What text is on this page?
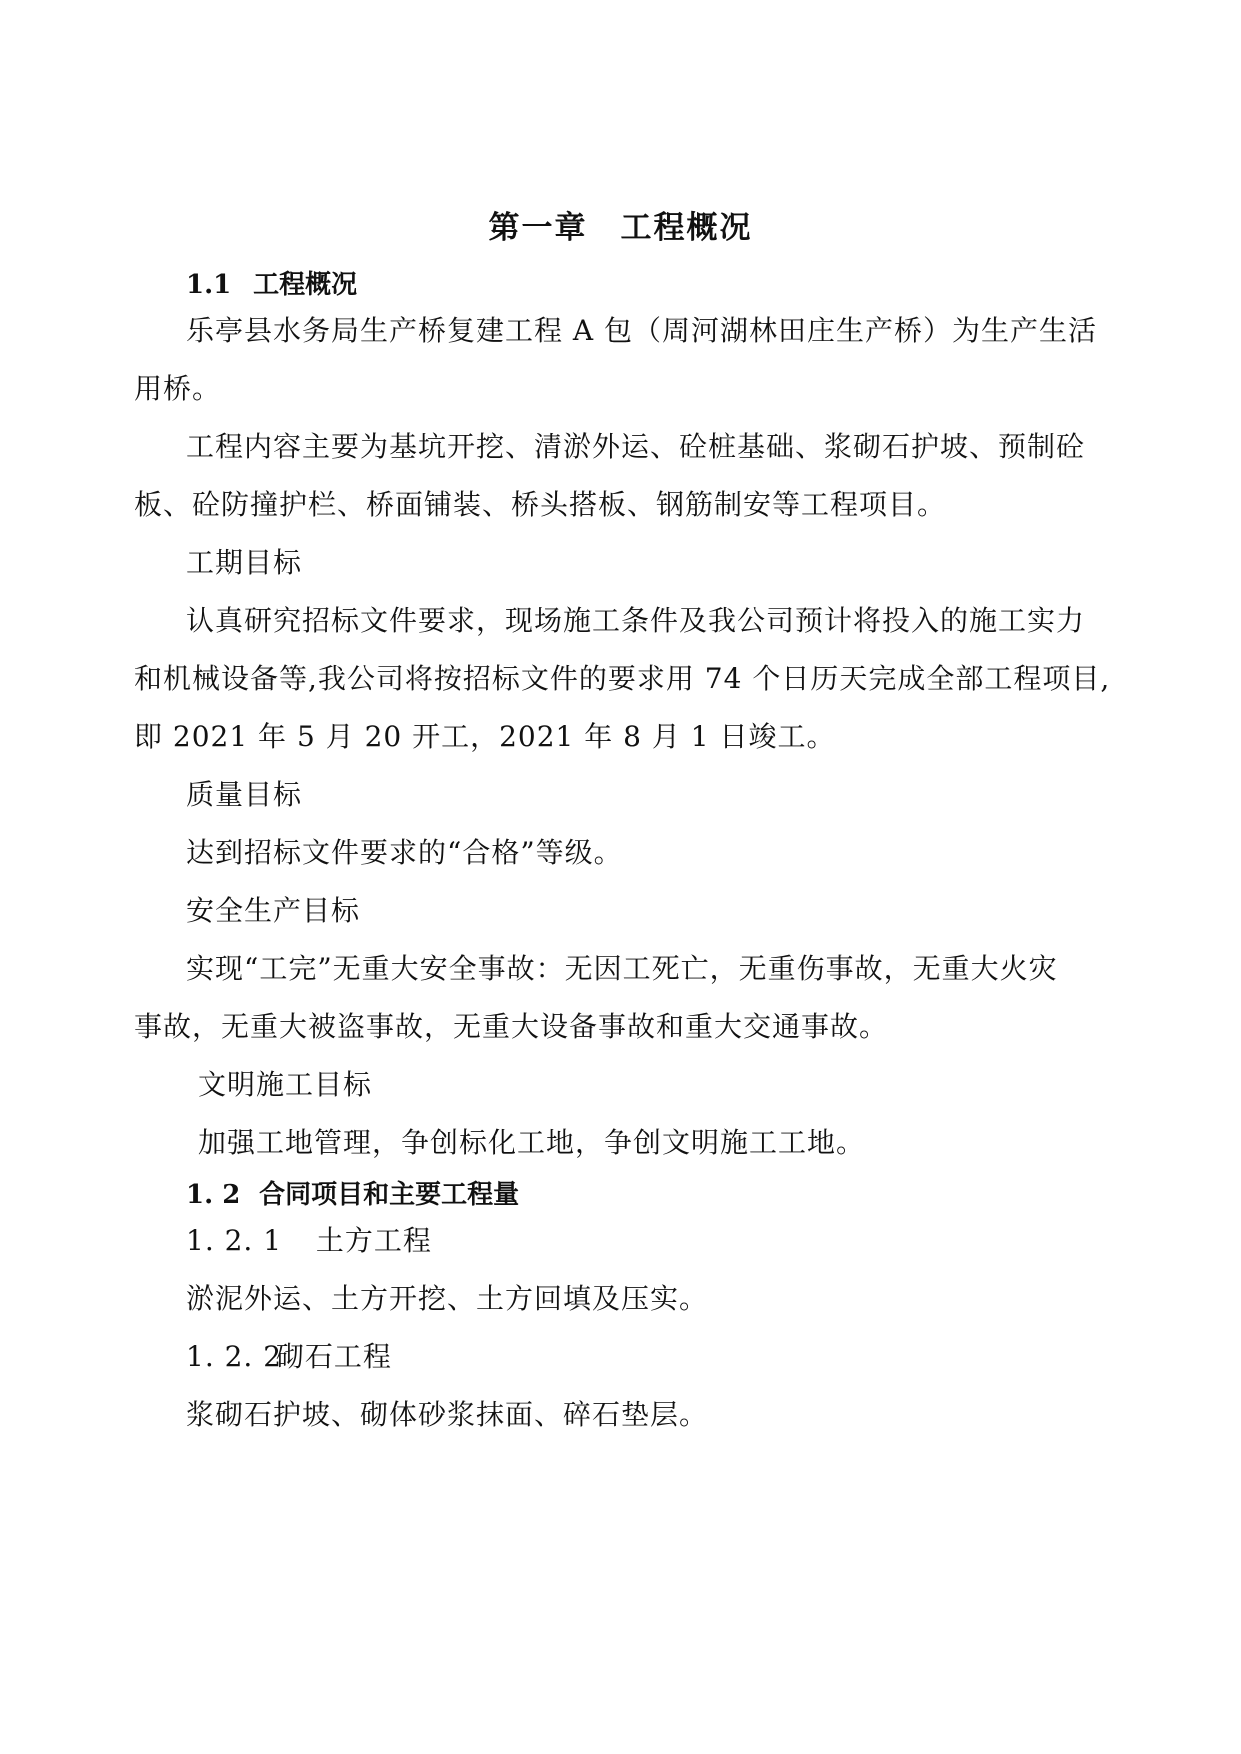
第一章　工程概况
1.1 工程概况
乐亭县水务局生产桥复建工程 A 包（周河湖林田庄生产桥）为生产生活
用桥。
工程内容主要为基坑开挖、清淤外运、砼桩基础、浆砌石护坡、预制砼
板、砼防撞护栏、桥面铺装、桥头搭板、钢筋制安等工程项目。
工期目标
认真研究招标文件要求，现场施工条件及我公司预计将投入的施工实力
和机械设备等,我公司将按招标文件的要求用 74 个日历天完成全部工程项目,
即 2021 年 5 月 20 开工，2021 年 8 月 1 日竣工。
质量目标
达到招标文件要求的“合格”等级。
安全生产目标
实现“工完”无重大安全事故：无因工死亡，无重伤事故，无重大火灾
事故，无重大被盗事故，无重大设备事故和重大交通事故。
文明施工目标
加强工地管理，争创标化工地，争创文明施工工地。
1. 2 合同项目和主要工程量
1. 2. 1 土方工程
淤泥外运、土方开挖、土方回填及压实。
1. 2. 2 砌石工程
浆砌石护坡、砌体砂浆抹面、碎石垫层。
